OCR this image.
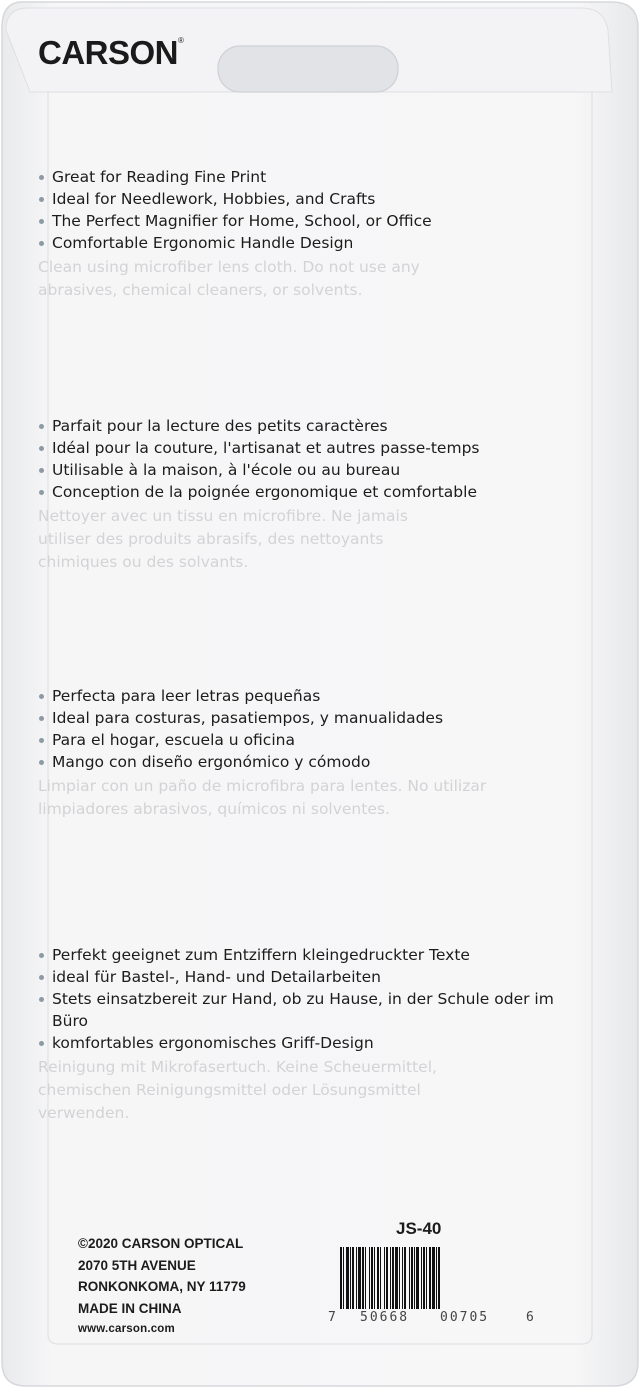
CARSON®
Great for Reading Fine Print
Ideal for Needlework, Hobbies, and Crafts
The Perfect Magnifier for Home, School, or Office
Comfortable Ergonomic Handle Design
Clean using microfiber lens cloth. Do not use any abrasives, chemical cleaners, or solvents.
Parfait pour la lecture des petits caractères
Idéal pour la couture, l'artisanat et autres passe-temps
Utilisable à la maison, à l'école ou au bureau
Conception de la poignée ergonomique et comfortable
Nettoyer avec un tissu en microfibre. Ne jamais utiliser des produits abrasifs, des nettoyants chimiques ou des solvants.
Perfecta para leer letras pequeñas
Ideal para costuras, pasatiempos, y manualidades
Para el hogar, escuela u oficina
Mango con diseño ergonómico y cómodo
Limpiar con un paño de microfibra para lentes. No utilizar limpiadores abrasivos, químicos ni solventes.
Perfekt geeignet zum Entziffern kleingedruckter Texte
ideal für Bastel-, Hand- und Detailarbeiten
Stets einsatzbereit zur Hand, ob zu Hause, in der Schule oder im Büro
komfortables ergonomisches Griff-Design
Reinigung mit Mikrofasertuch. Keine Scheuermittel, chemischen Reinigungsmittel oder Lösungsmittel verwenden.
©2020 CARSON OPTICAL
2070 5TH AVENUE
RONKONKOMA, NY 11779
MADE IN CHINA
www.carson.com
JS-40
7 50668 00705	6
